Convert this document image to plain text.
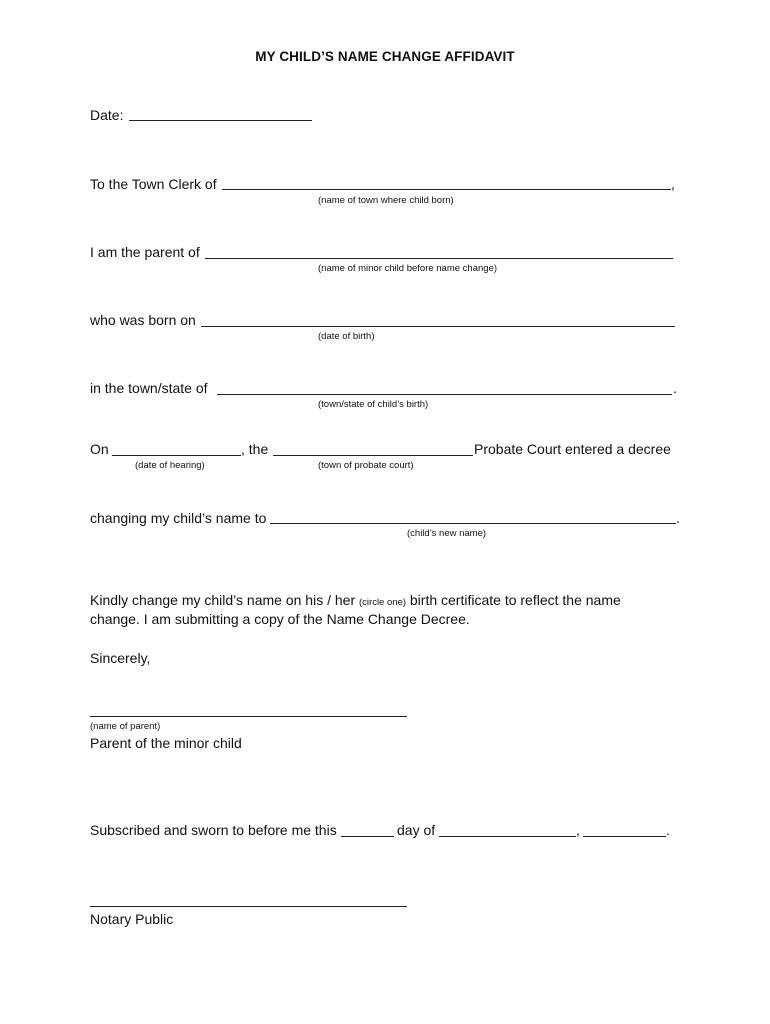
MY CHILD’S NAME CHANGE AFFIDAVIT
Date:
To the Town Clerk of	,
(name of town where child born)
I am the parent of
(name of minor child before name change)
who was born on
(date of birth)
in the town/state of	.
(town/state of child’s birth)
On	, the	Probate Court entered a decree
(date of hearing)	(town of probate court)
changing my child’s name to	.
(child’s new name)
Kindly change my child’s name on his / her (circle one) birth certificate to reflect the name
change. I am submitting a copy of the Name Change Decree.
Sincerely,
(name of parent)
Parent of the minor child
Subscribed and sworn to before me this	day of	,	.
Notary Public
